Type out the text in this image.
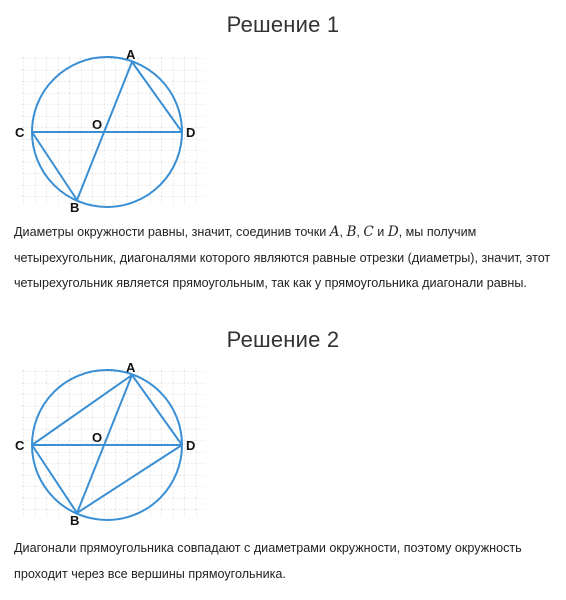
Решение 1
A
B
C	D
O

Диаметры окружности равны, значит, соединив точки A, B, C и D, мы получим четырехугольник, диагоналями которого являются равные отрезки (диаметры), значит, этот четырехугольник является прямоугольным, так как у прямоугольника диагонали равны.

Решение 2
A
B
C	D
O

Диагонали прямоугольника совпадают с диаметрами окружности, поэтому окружность проходит через все вершины прямоугольника.
